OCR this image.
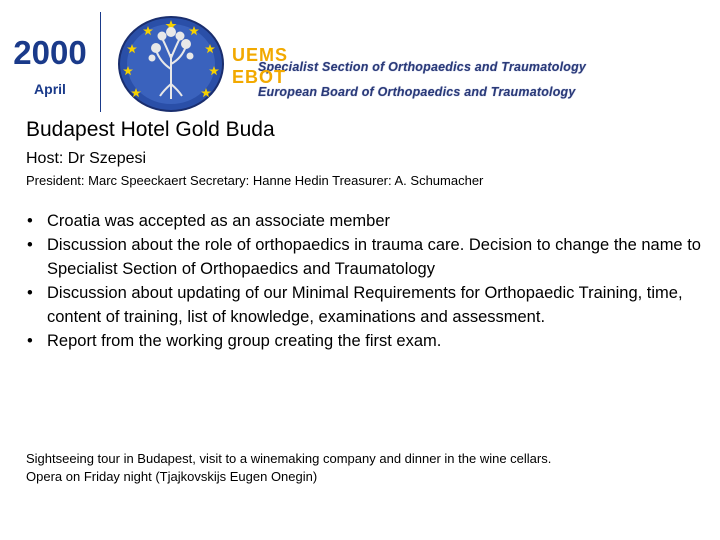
2000
April
UEMS
Specialist Section of Orthopaedics and Traumatology
EBOT
European Board of Orthopaedics and Traumatology
Budapest Hotel Gold Buda
Host: Dr Szepesi
President: Marc Speeckaert Secretary: Hanne Hedin Treasurer: A. Schumacher
• Croatia was accepted as an associate member
• Discussion about the role of orthopaedics in trauma care. Decision to change the name to Specialist Section of Orthopaedics and Traumatology
• Discussion about updating of our Minimal Requirements for Orthopaedic Training, time, content of training, list of knowledge, examinations and assessment.
• Report from the working group creating the first exam.
Sightseeing tour in Budapest, visit to a winemaking company and dinner in the wine cellars.
Opera on Friday night (Tjajkovskijs Eugen Onegin)
